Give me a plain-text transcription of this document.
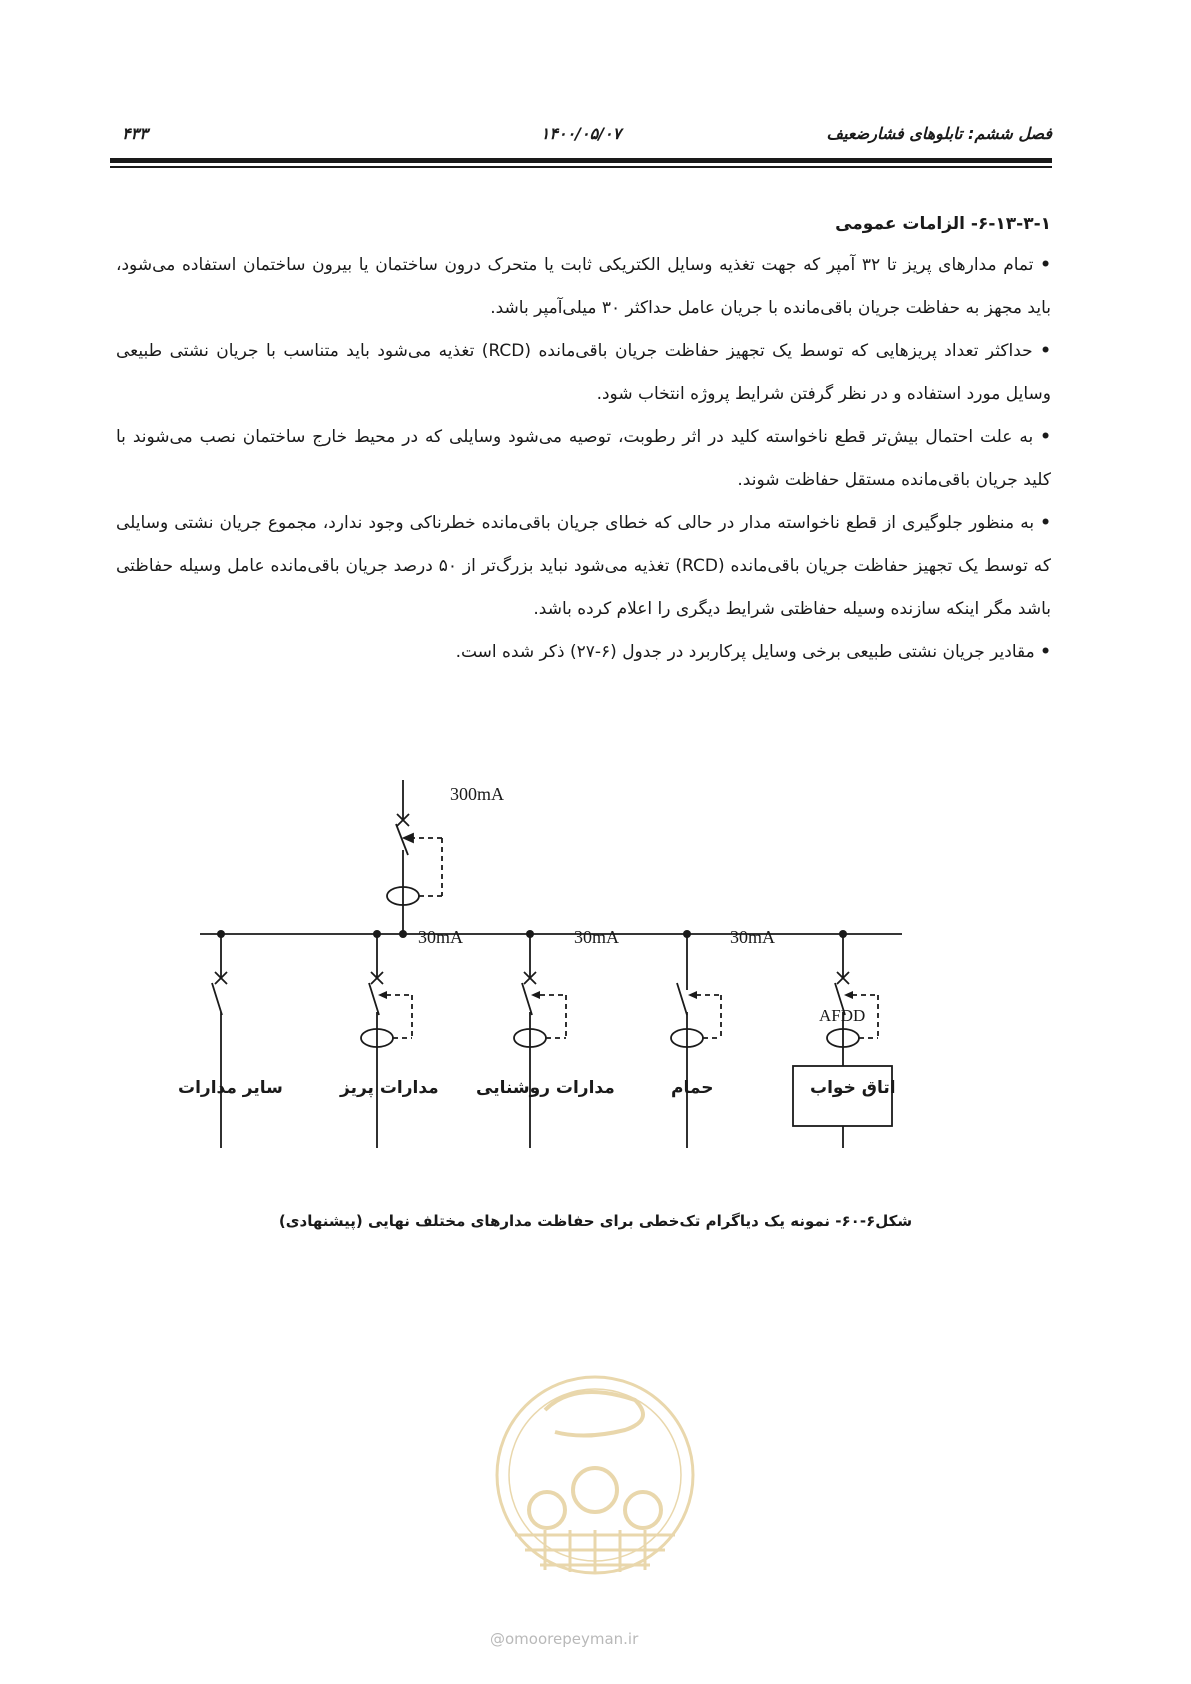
فصل ششم: تابلوهای فشارضعیف
۱۴۰۰/۰۵/۰۷
۴۳۳

۶-۱۳-۳-۱- الزامات عمومی

• تمام مدارهای پریز تا ۳۲ آمپر که جهت تغذیه وسایل الکتریکی ثابت یا متحرک درون ساختمان یا بیرون ساختمان استفاده می‌شود، باید مجهز به حفاظت جریان باقی‌مانده با جریان عامل حداکثر ۳۰ میلی‌آمپر باشد.

• حداکثر تعداد پریزهایی که توسط یک تجهیز حفاظت جریان باقی‌مانده (RCD) تغذیه می‌شود باید متناسب با جریان نشتی طبیعی وسایل مورد استفاده و در نظر گرفتن شرایط پروژه انتخاب شود.

• به علت احتمال بیش‌تر قطع ناخواسته کلید در اثر رطوبت، توصیه می‌شود وسایلی که در محیط خارج ساختمان نصب می‌شوند با کلید جریان باقی‌مانده مستقل حفاظت شوند.

• به منظور جلوگیری از قطع ناخواسته مدار در حالی که خطای جریان باقی‌مانده خطرناکی وجود ندارد، مجموع جریان نشتی وسایلی که توسط یک تجهیز حفاظت جریان باقی‌مانده (RCD) تغذیه می‌شود نباید بزرگ‌تر از ۵۰ درصد جریان باقی‌مانده عامل وسیله حفاظتی باشد مگر اینکه سازنده وسیله حفاظتی شرایط دیگری را اعلام کرده باشد.

• مقادیر جریان نشتی طبیعی برخی وسایل پرکاربرد در جدول (۶-۲۷) ذکر شده است.

300mA
30mA	30mA	30mA
AFDD
سایر مدارات	مدارات پریز مدارات روشنایی	حمام	اتاق خواب
شکل۶-۶۰- نمونه یک دیاگرام تک‌خطی برای حفاظت مدارهای مختلف نهایی (پیشنهادی)
@omoorepeyman.ir
